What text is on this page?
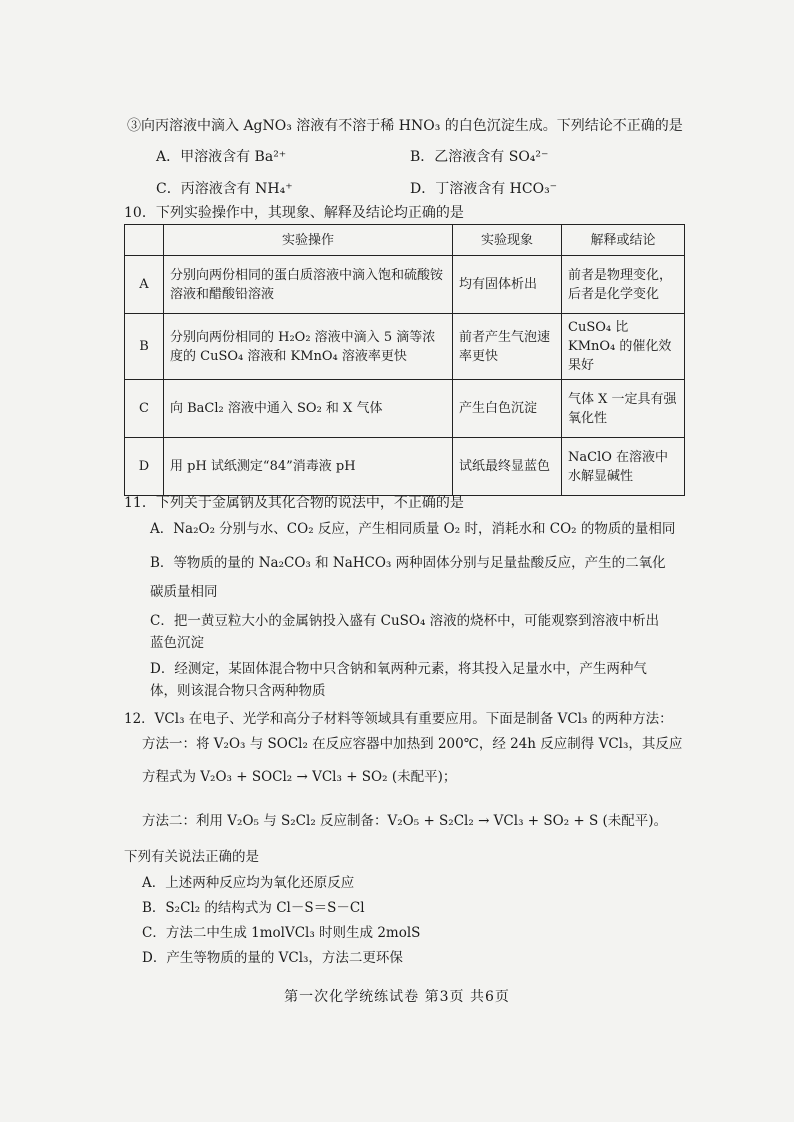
③向丙溶液中滴入 AgNO₃ 溶液有不溶于稀 HNO₃ 的白色沉淀生成。下列结论不正确的是
A．甲溶液含有 Ba²⁺	B．乙溶液含有 SO₄²⁻
C．丙溶液含有 NH₄⁺	D．丁溶液含有 HCO₃⁻
10．下列实验操作中，其现象、解释及结论均正确的是
	实验操作	实验现象	解释或结论
A	分别向两份相同的蛋白质溶液中滴入饱和硫酸铵溶液和醋酸铅溶液	均有固体析出	前者是物理变化，后者是化学变化
B	分别向两份相同的 H₂O₂ 溶液中滴入 5 滴等浓度的 CuSO₄ 溶液和 KMnO₄ 溶液率更快	前者产生气泡速率更快	CuSO₄ 比 KMnO₄ 的催化效果好
C	向 BaCl₂ 溶液中通入 SO₂ 和 X 气体	产生白色沉淀	气体 X 一定具有强氧化性
D	用 pH 试纸测定“84”消毒液 pH	试纸最终显蓝色	NaClO 在溶液中水解显碱性
11．下列关于金属钠及其化合物的说法中，不正确的是
A．Na₂O₂ 分别与水、CO₂ 反应，产生相同质量 O₂ 时，消耗水和 CO₂ 的物质的量相同
B．等物质的量的 Na₂CO₃ 和 NaHCO₃ 两种固体分别与足量盐酸反应，产生的二氧化
碳质量相同
C．把一黄豆粒大小的金属钠投入盛有 CuSO₄ 溶液的烧杯中，可能观察到溶液中析出
蓝色沉淀
D．经测定，某固体混合物中只含钠和氧两种元素，将其投入足量水中，产生两种气
体，则该混合物只含两种物质
12．VCl₃ 在电子、光学和高分子材料等领域具有重要应用。下面是制备 VCl₃ 的两种方法：
方法一：将 V₂O₃ 与 SOCl₂ 在反应容器中加热到 200℃，经 24h 反应制得 VCl₃，其反应
方程式为 V₂O₃ + SOCl₂ → VCl₃ + SO₂ (未配平)；
方法二：利用 V₂O₅ 与 S₂Cl₂ 反应制备：V₂O₅ + S₂Cl₂ → VCl₃ + SO₂ + S (未配平)。
下列有关说法正确的是
A．上述两种反应均为氧化还原反应
B．S₂Cl₂ 的结构式为 Cl－S＝S－Cl
C．方法二中生成 1molVCl₃ 时则生成 2molS
D．产生等物质的量的 VCl₃，方法二更环保
第一次化学统练试卷 第3页 共6页
